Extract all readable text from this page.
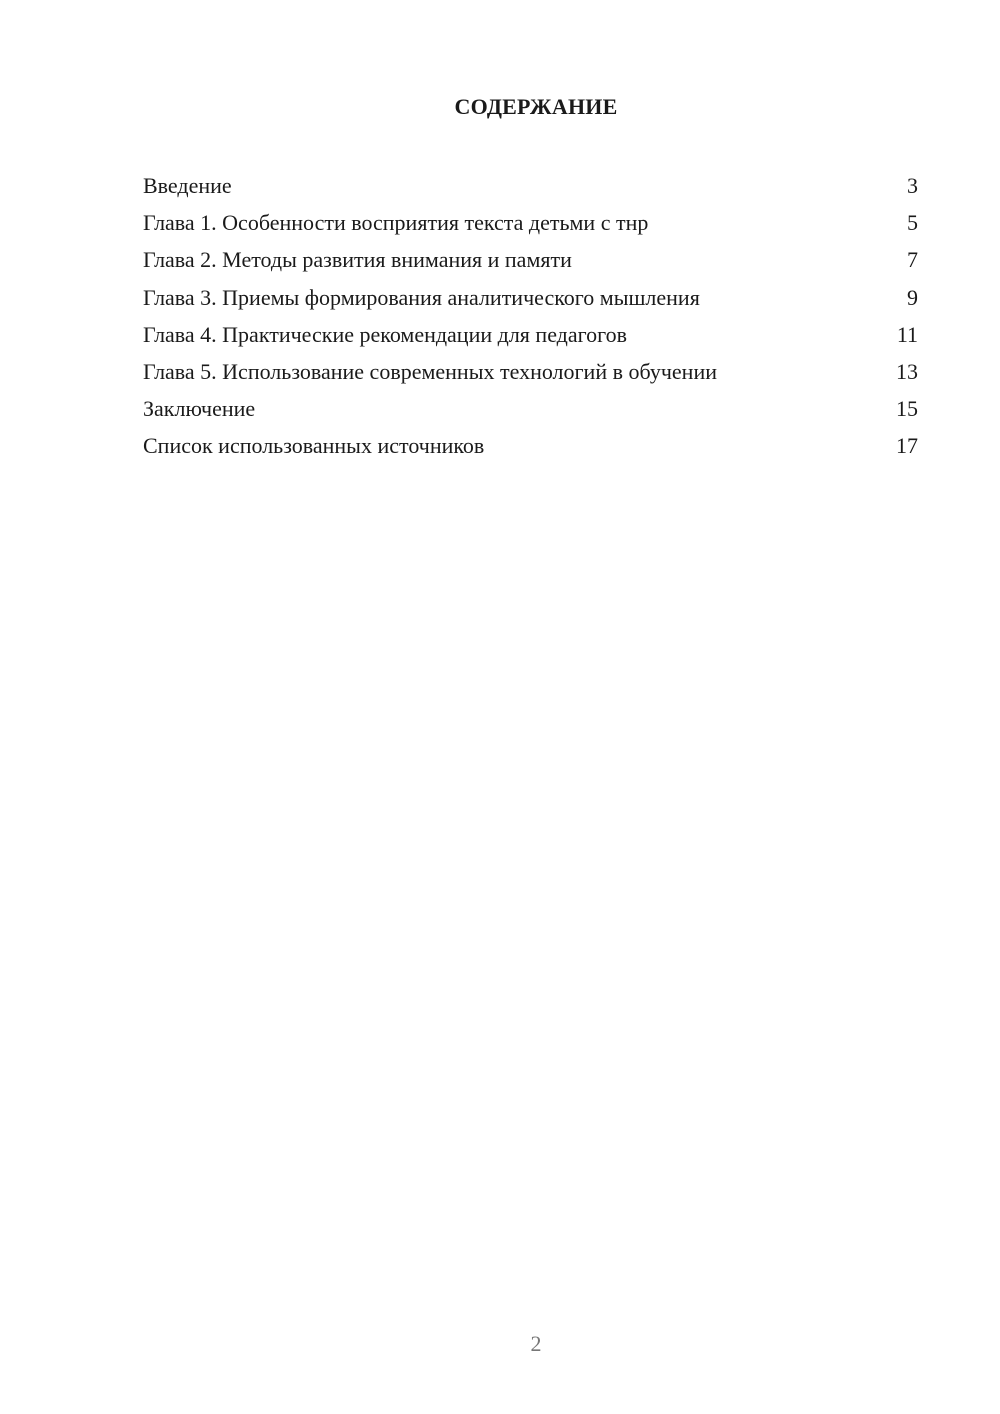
СОДЕРЖАНИЕ
Введение	3
Глава 1. Особенности восприятия текста детьми с тнр	5
Глава 2. Методы развития внимания и памяти	7
Глава 3. Приемы формирования аналитического мышления	9
Глава 4. Практические рекомендации для педагогов	11
Глава 5. Использование современных технологий в обучении	13
Заключение	15
Список использованных источников	17
2
